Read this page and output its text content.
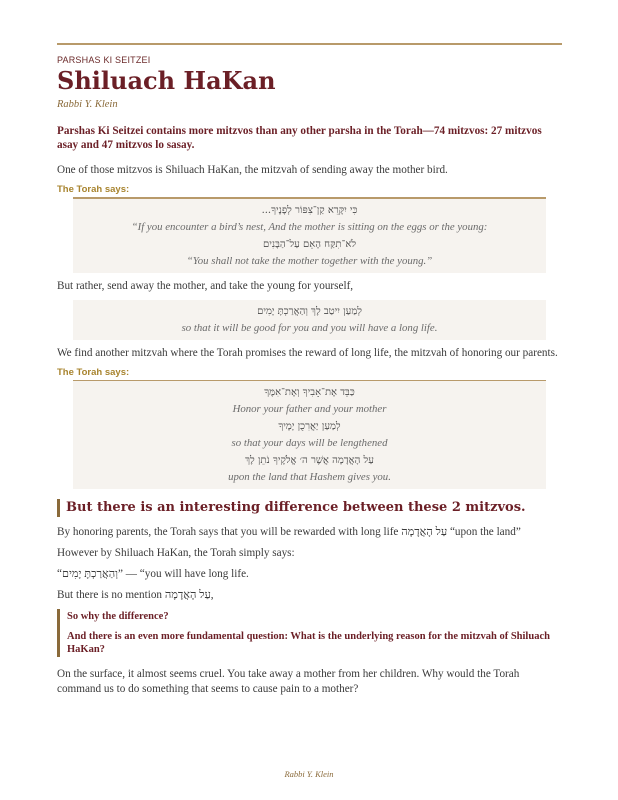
PARSHAS KI SEITZEI
Shiluach HaKan
Rabbi Y. Klein
Parshas Ki Seitzei contains more mitzvos than any other parsha in the Torah—74 mitzvos: 27 mitzvos asay and 47 mitzvos lo sasay.

One of those mitzvos is Shiluach HaKan, the mitzvah of sending away the mother bird.

The Torah says:
כִּי יִקָּרֵא קַן־צִפּוֹר לְפָנֶיךָ...
“If you encounter a bird’s nest, And the mother is sitting on the eggs or the young:
לֹא־תִקַּח הָאֵם עַל־הַבָּנִים
“You shall not take the mother together with the young.”

But rather, send away the mother, and take the young for yourself,

לְמַעַן יִיטַב לָךְ וְהַאֲרַכְתָּ יָמִים
so that it will be good for you and you will have a long life.

We find another mitzvah where the Torah promises the reward of long life, the mitzvah of honoring our parents.

The Torah says:
כַּבֵּד אֶת־אָבִיךָ וְאֶת־אִמֶּךָ
Honor your father and your mother
לְמַעַן יַאֲרִכֻן יָמֶיךָ
so that your days will be lengthened
עַל הָאֲדָמָה אֲשֶׁר ה׳ אֱלֹקֶיךָ נֹתֵן לָךְ
upon the land that Hashem gives you.
But there is an interesting difference between these 2 mitzvos.

By honoring parents, the Torah says that you will be rewarded with long life עַל הָאֲדָמָה “upon the land”

However by Shiluach HaKan, the Torah simply says:

“וְהַאֲרַכְתָּ יָמִים” — “you will have long life.

But there is no mention עַל הָאֲדָמָה,

So why the difference?
And there is an even more fundamental question: What is the underlying reason for the mitzvah of Shiluach HaKan?

On the surface, it almost seems cruel. You take away a mother from her children. Why would the Torah command us to do something that seems to cause pain to a mother?

Rabbi Y. Klein
